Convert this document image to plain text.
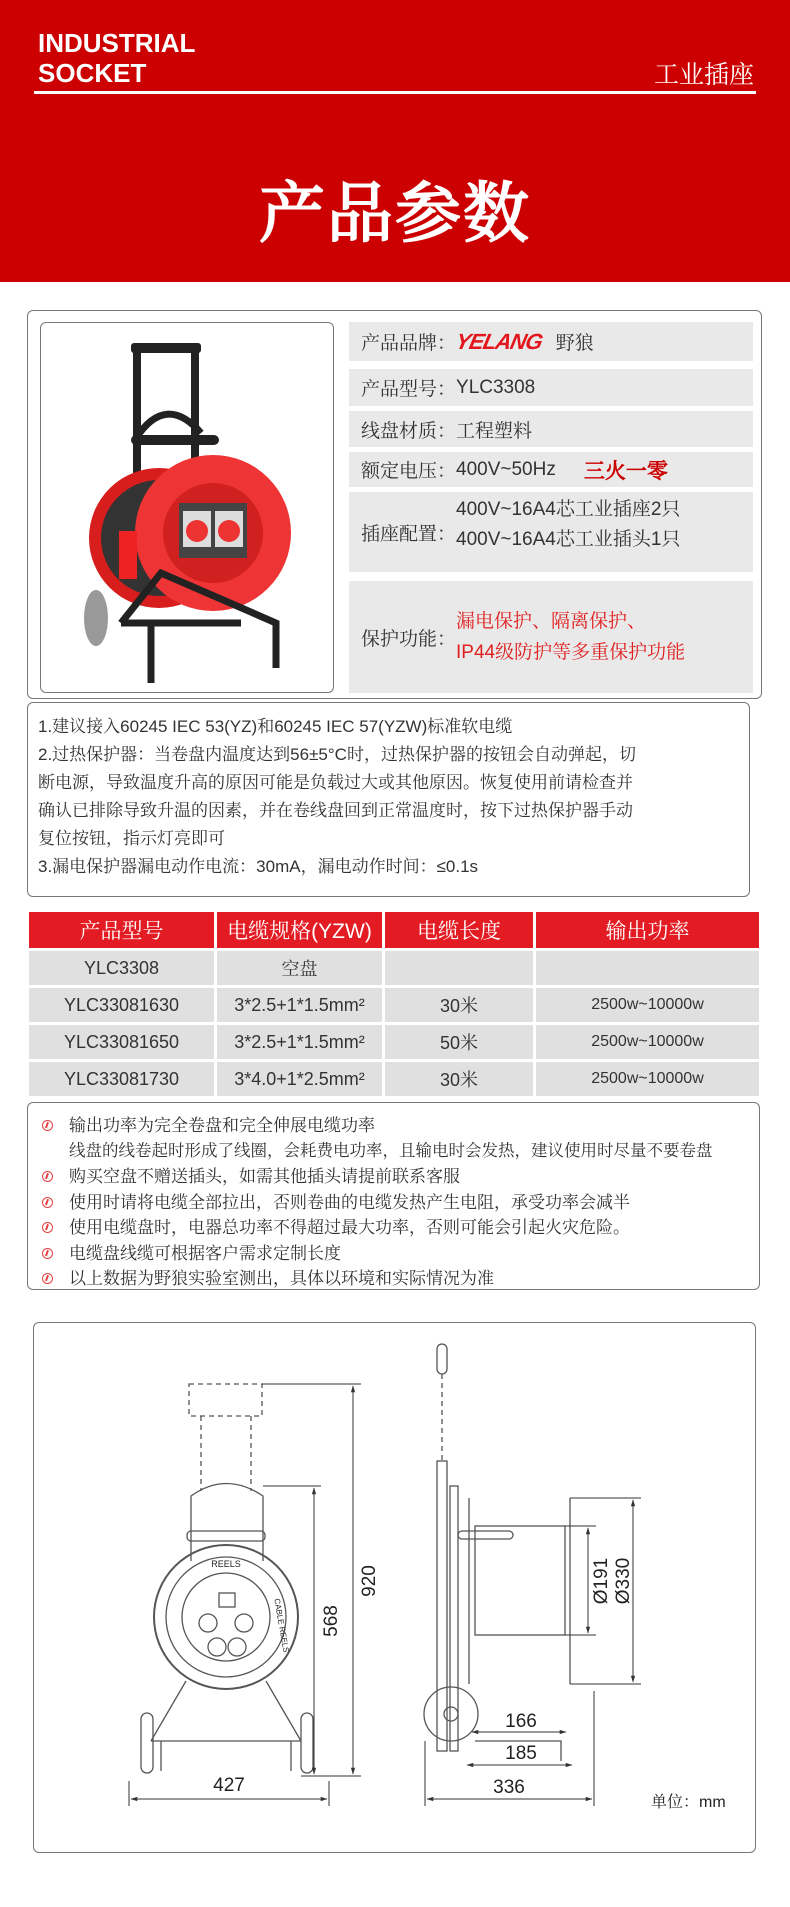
INDUSTRIAL
SOCKET	工业插座
产品参数
产品品牌：
YELANG 野狼
产品型号： YLC3308
线盘材质： 工程塑料
额定电压： 400V~50Hz 三火一零
插座配置：
400V~16A4芯工业插座2只
400V~16A4芯工业插头1只
保护功能：
漏电保护、隔离保护、
IP44级防护等多重保护功能
1.建议接入60245 IEC 53(YZ)和60245 IEC 57(YZW)标准软电缆
2.过热保护器：当卷盘内温度达到56±5°C时，过热保护器的按钮会自动弹起，切
断电源，导致温度升高的原因可能是负载过大或其他原因。恢复使用前请检查并
确认已排除导致升温的因素，并在卷线盘回到正常温度时，按下过热保护器手动
复位按钮，指示灯亮即可
3.漏电保护器漏电动作电流：30mA，漏电动作时间：≤0.1s
产品型号	电缆规格(YZW)	电缆长度	输出功率
YLC3308	空盘		
YLC33081630	3*2.5+1*1.5mm²	30米	2500w~10000w
YLC33081650	3*2.5+1*1.5mm²	50米	2500w~10000w
YLC33081730	3*4.0+1*2.5mm²	30米	2500w~10000w
输出功率为完全卷盘和完全伸展电缆功率
线盘的线卷起时形成了线圈，会耗费电功率，且输电时会发热，建议使用时尽量不要卷盘
购买空盘不赠送插头，如需其他插头请提前联系客服
使用时请将电缆全部拉出，否则卷曲的电缆发热产生电阻，承受功率会减半
使用电缆盘时，电器总功率不得超过最大功率，否则可能会引起火灾危险。
电缆盘线缆可根据客户需求定制长度
以上数据为野狼实验室测出，具体以环境和实际情况为准
920
568
427	336
166
185
Ø191 Ø330
单位：mm
REELS
CABLE REELS
